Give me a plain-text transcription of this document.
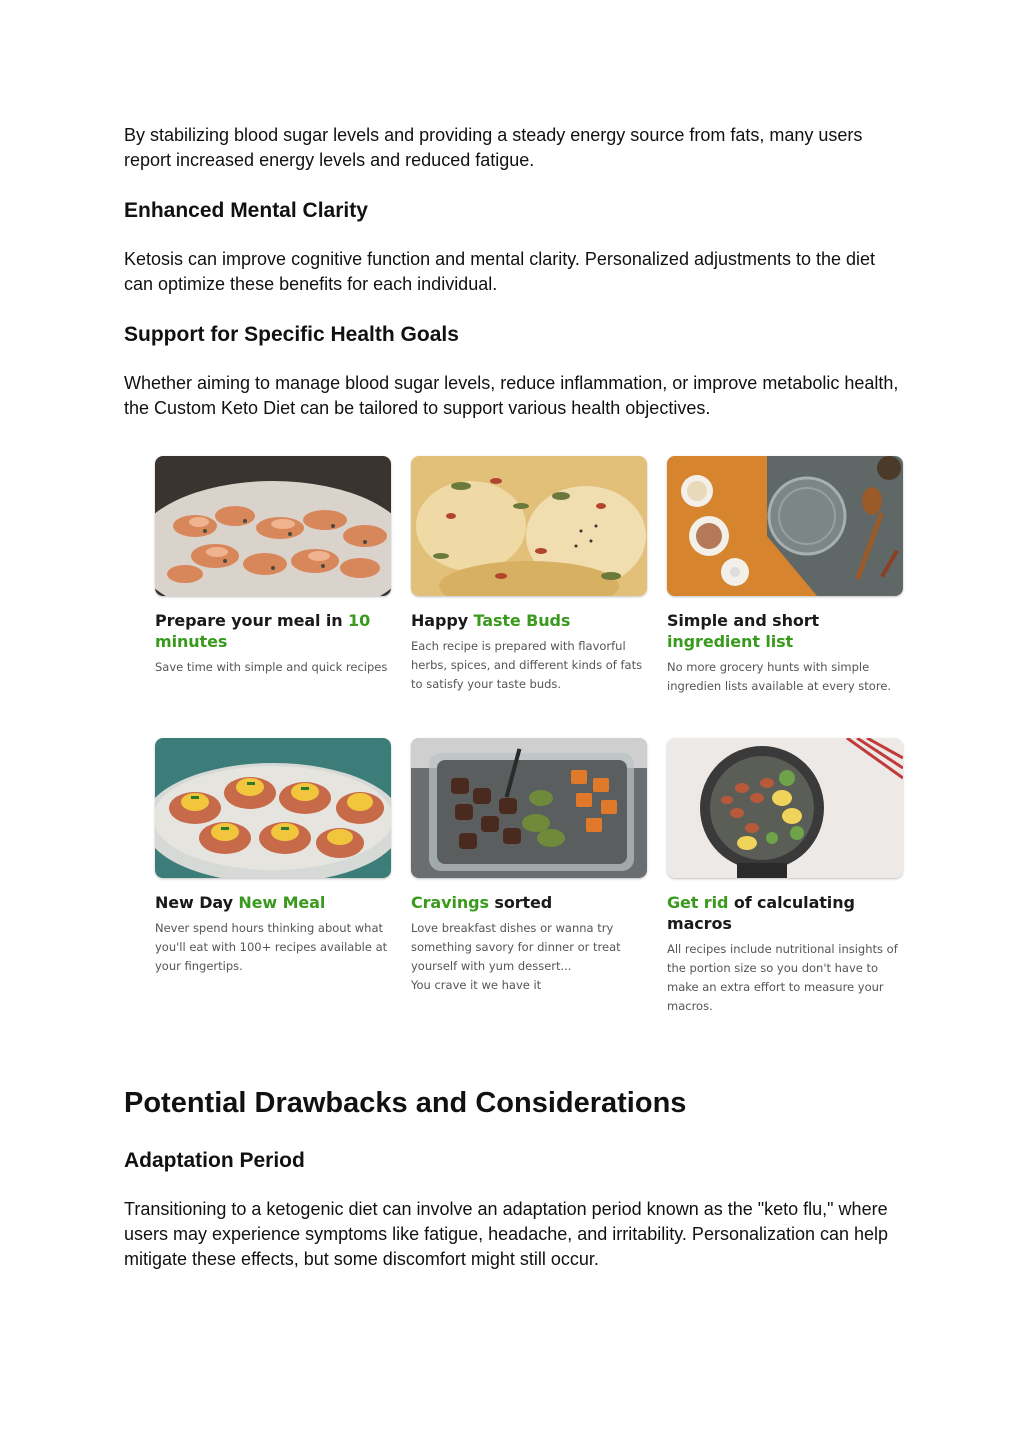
By stabilizing blood sugar levels and providing a steady energy source from fats, many users report increased energy levels and reduced fatigue.

Enhanced Mental Clarity

Ketosis can improve cognitive function and mental clarity. Personalized adjustments to the diet can optimize these benefits for each individual.

Support for Specific Health Goals

Whether aiming to manage blood sugar levels, reduce inflammation, or improve metabolic health, the Custom Keto Diet can be tailored to support various health objectives.

Potential Drawbacks and Considerations
Adaptation Period

Transitioning to a ketogenic diet can involve an adaptation period known as the "keto flu," where users may experience symptoms like fatigue, headache, and irritability. Personalization can help mitigate these effects, but some discomfort might still occur.

Prepare your meal in 10 minutes
Save time with simple and quick recipes
Happy Taste Buds
Each recipe is prepared with flavorful herbs, spices, and different kinds of fats to satisfy your taste buds.
Simple and short ingredient list
No more grocery hunts with simple ingredien lists available at every store.
New Day New Meal
Never spend hours thinking about what you'll eat with 100+ recipes available at your fingertips.
Cravings sorted
Love breakfast dishes or wanna try something savory for dinner or treat yourself with yum dessert...
You crave it we have it
Get rid of calculating macros
All recipes include nutritional insights of the portion size so you don't have to make an extra effort to measure your macros.
